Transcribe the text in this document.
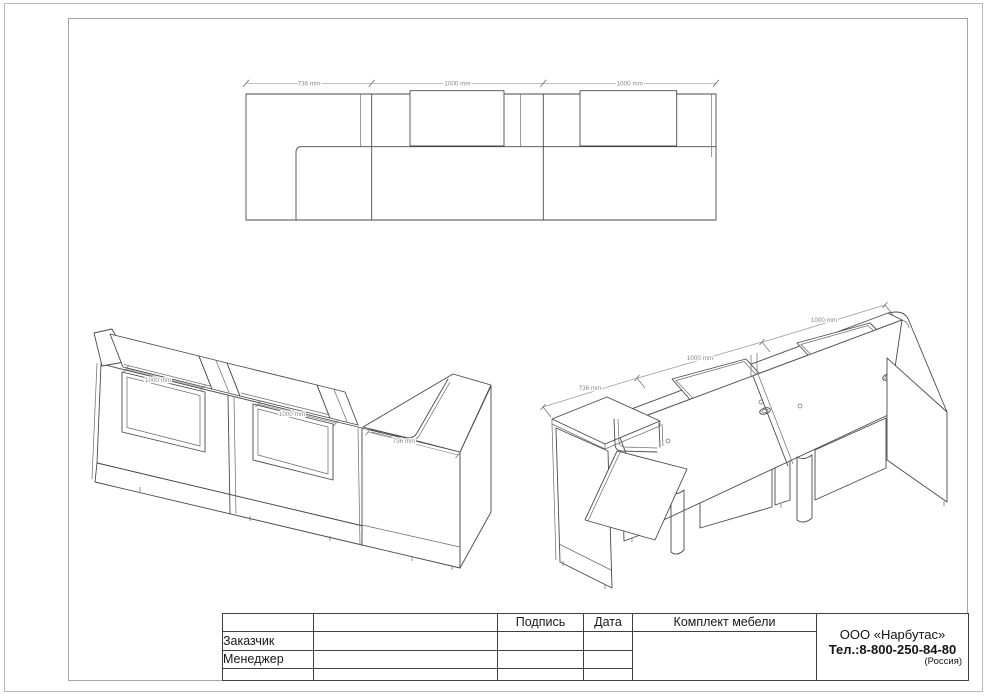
736 mm	1000 mm	1000 mm
1000 mm
1000 mm
736 mm
736 mm
1000 mm
1000 mm
		Подпись	Дата	Комплект мебели	ООО «Нарбутас»
Тел.:8-800-250-84-80
(Россия)

Заказчик					
Менеджер					
